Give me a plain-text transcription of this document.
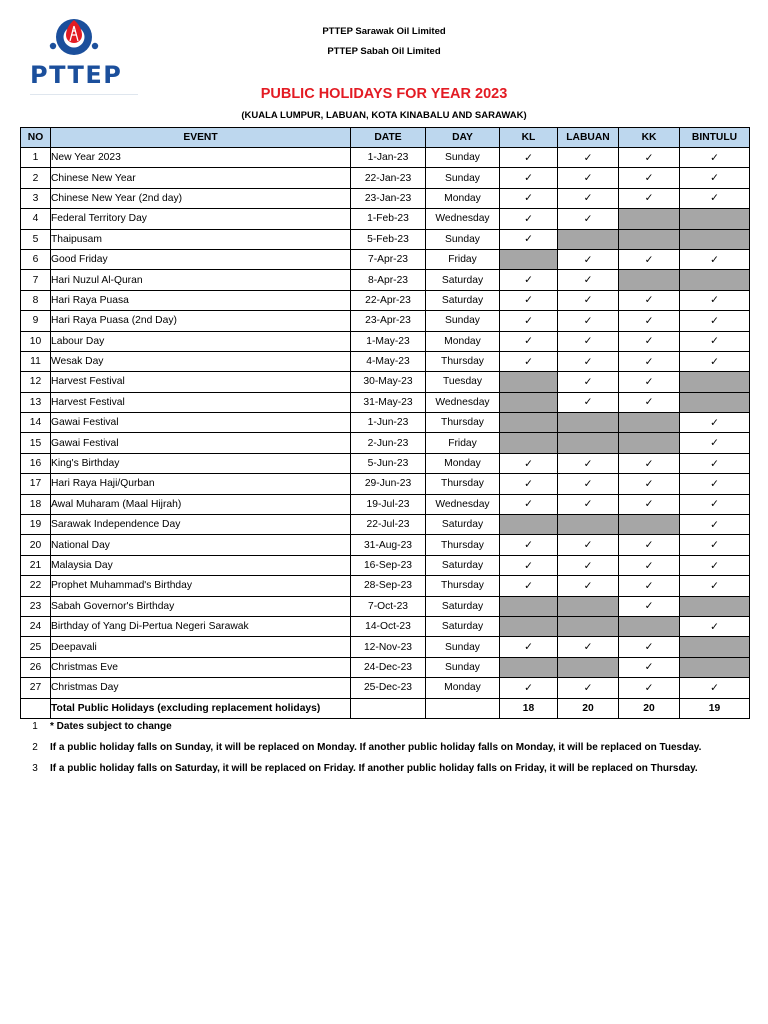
PTTEP
PTTEP Sarawak Oil Limited
PTTEP Sabah Oil Limited
PUBLIC HOLIDAYS FOR YEAR 2023
(KUALA LUMPUR, LABUAN, KOTA KINABALU AND SARAWAK)
NO	EVENT	DATE	DAY	KL	LABUAN	KK	BINTULU
1	New Year 2023	1-Jan-23	Sunday	✓	✓	✓	✓
2	Chinese New Year	22-Jan-23	Sunday	✓	✓	✓	✓
3	Chinese New Year (2nd day)	23-Jan-23	Monday	✓	✓	✓	✓
4	Federal Territory Day	1-Feb-23	Wednesday	✓	✓		
5	Thaipusam	5-Feb-23	Sunday	✓			
6	Good Friday	7-Apr-23	Friday		✓	✓	✓
7	Hari Nuzul Al-Quran	8-Apr-23	Saturday	✓	✓		
8	Hari Raya Puasa	22-Apr-23	Saturday	✓	✓	✓	✓
9	Hari Raya Puasa (2nd Day)	23-Apr-23	Sunday	✓	✓	✓	✓
10	Labour Day	1-May-23	Monday	✓	✓	✓	✓
11	Wesak Day	4-May-23	Thursday	✓	✓	✓	✓
12	Harvest Festival	30-May-23	Tuesday		✓	✓	
13	Harvest Festival	31-May-23	Wednesday		✓	✓	
14	Gawai Festival	1-Jun-23	Thursday				✓
15	Gawai Festival	2-Jun-23	Friday				✓
16	King's Birthday	5-Jun-23	Monday	✓	✓	✓	✓
17	Hari Raya Haji/Qurban	29-Jun-23	Thursday	✓	✓	✓	✓
18	Awal Muharam (Maal Hijrah)	19-Jul-23	Wednesday	✓	✓	✓	✓
19	Sarawak Independence Day	22-Jul-23	Saturday				✓
20	National Day	31-Aug-23	Thursday	✓	✓	✓	✓
21	Malaysia Day	16-Sep-23	Saturday	✓	✓	✓	✓
22	Prophet Muhammad's Birthday	28-Sep-23	Thursday	✓	✓	✓	✓
23	Sabah Governor's Birthday	7-Oct-23	Saturday			✓	
24	Birthday of Yang Di-Pertua Negeri Sarawak	14-Oct-23	Saturday				✓
25	Deepavali	12-Nov-23	Sunday	✓	✓	✓	
26	Christmas Eve	24-Dec-23	Sunday			✓	
27	Christmas Day	25-Dec-23	Monday	✓	✓	✓	✓
	Total Public Holidays (excluding replacement holidays)			18	20	20	19
1	* Dates subject to change
2	If a public holiday falls on Sunday, it will be replaced on Monday. If another public holiday falls on Monday, it will be replaced on Tuesday.
3	If a public holiday falls on Saturday, it will be replaced on Friday. If another public holiday falls on Friday, it will be replaced on Thursday.
